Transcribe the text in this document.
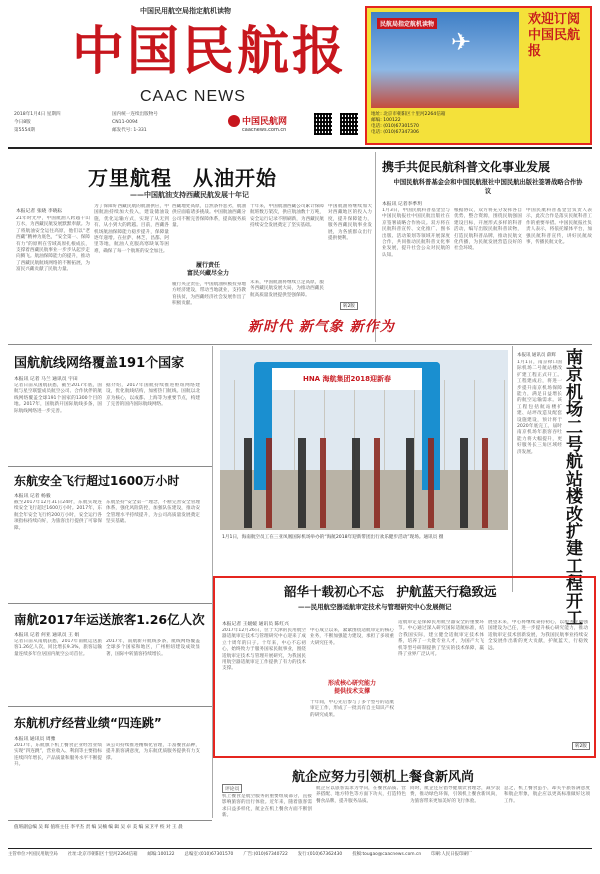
中国民用航空局指定航机读物
中国民航报
CAAC NEWS
2018年1月4日 星期四
今日8版
第5554期
国内统一连续出版物号
CN11-0094
邮发代号: 1-331
中国民航网
caacnews.com.cn
民航局指定航机读物
✈
欢迎订阅中国民航报
地址: 北京市朝阳区十里河2264信箱
邮编: 100122
电话: (010)67301570
电话: (010)67347306
万里航程　从油开始
——中国航油支持西藏民航发展十年记
本报记者 张晓 李晓耘
21年时光中，中国航油人跨越千山万水，为西藏民航发展默默奉献。为了将航油安全运往高原，他们以“老西藏”精神为底色，“安全第一、保障有力”的原则在雪域高原扎根成长，支撑着西藏民航事业一步步从起步走向腾飞。航油保障能力的提升，推动了西藏民航航线网络的不断拓展，为富民兴藏贡献了民航力量。
为了保障好西藏民航的航油供应，中国航油持续加大投入，建设储油设施，优化运输方式，实现了从无到有、从小到大的跨越。目前，西藏各机场航油保障能力稳步提升，保障量逐年递增。在拉萨、林芝、昌都、阿里等地，航油人克服高寒缺氧等困难，确保了每一个航班的安全加注。
履行责任
富民兴藏尽全力
西藏地处高原，自然条件恶劣，航油供应面临诸多挑战。中国航油西藏分公司不断完善保障体系，提高服务质量。
履行央企责任，中国航油积极投身地方经济建设，带动当地就业，支持教育扶贫，为西藏经济社会发展作出了积极贡献。
十年来，中国航油西藏公司累计保障航班数万架次，供应航油数十万吨，安全运行记录不断刷新，为西藏民航持续安全发展奠定了坚实基础。
未来，中国航油将继续立足高原，服务西藏民航发展大局，为推动西藏民航高质量发展提供坚强保障。
中国航油将继续加大对西藏地区的投入力度，提升保障能力，服务西藏民航事业发展，为各族群众出行提供便利。
转2版
携手共促民航科普文化事业发展
中国民航科普基金会和中国民航报社中国民航出版社签署战略合作协议
本报讯 记者李季玥
1月3日，中国民航科普基金会与中国民航报社中国民航出版社在京签署战略合作协议。双方将在民航科普宣传、文化推广、图书出版、活动策划等领域开展深度合作，共同推动民航科普文化事业发展，提升社会公众对民航的认知。
根据协议，双方将充分发挥各自优势，整合资源，围绕民航强国建设目标，开展形式多样的科普活动，编写出版民航科普读物，打造民航科普品牌，推动民航文化传播，为民航发展营造良好的社会环境。
中国民航科普基金会负责人表示，此次合作是落实民航科普工作的重要举措。中国民航报社负责人表示，将依托媒体平台，加强民航科普宣传，讲好民航故事，传播民航文化。
新时代 新气象 新作为
国航航线网络覆盖191个国家
本报讯 记者 马兰 通讯员 宇田
记者日前从国航获悉，截至2017年底，国航与星空联盟成员航空公司、合作伙伴的航线网络覆盖全球191个国家的1300个目的地。2017年，国航新开国际航线多条，国际航线网络进一步完善。
据介绍，2017年国航持续推进枢纽网络建设，优化航线结构，加密热门航线。国航以北京为核心，以成都、上海等为重要节点，构建了完善的国内国际航线网络。
东航安全飞行超过1600万小时
本报讯 记者 杨毅
截至2017年12月31日24时，东航实现连续安全飞行超过1600万小时。2017年，东航全年安全飞行约200万小时，安全运行各项指标持续向好，为旅客出行提供了可靠保障。
东航坚持“安全第一”理念，不断完善安全管理体系，强化风险防控，加强队伍建设，推动安全管理水平持续提升，为公司高质量发展奠定坚实基础。
南航2017年运送旅客1.26亿人次
本报讯 记者 何亚 通讯员 王 娟
记者日前从南航获悉，2017年南航运送旅客1.26亿人次，同比增长9.3%，旅客运输量连续多年位居国内航空公司首位。
2017年，南航新开航线多条，航线网络覆盖全球多个国家和地区，广州枢纽建设成效显著，国际中转旅客持续增长。
东航机疗经营业绩“四连跳”
本报讯 通讯员 周雅
2017年，东航旗下机上餐食企业经营业绩实现“四连跳”，营业收入、利润等主要指标连续四年增长，产品质量和服务水平不断提升。
该公司持续推进精细化管理，丰富餐食品种，提升旅客满意度，为东航优质服务提供有力支撑。
HNA 海航集团2018迎新春
1月1日，海南航空员工在三亚凤凰国际机场举办的“海航2018年迎新带团出行欢乐健步活动”现场。通讯员 摄
本报讯 通讯员 薛辉
1月1日，南京禄口国际机场二号航站楼改扩建工程正式开工。工程建成后，将进一步提升南京机场保障能力，满足日益增长的航空运输需求。该工程包括航站楼扩建、站坪改造及配套设施建设，预计将于2020年底完工，届时南京机场年旅客吞吐能力将大幅提升，更好服务长三角区域经济发展。
南京机场二号航站楼改扩建工程开工
韶华十载初心不忘　护航蓝天行稳致远
——民用航空器适航审定技术与管理研究中心发展侧记
本报记者 王媛媛 通讯员 陈红兴
2017年12月26日，位于天津的民用航空器适航审定技术与管理研究中心迎来了成立十周年的日子。十年来，中心不忘初心，始终致力于服务国家民航事业，围绕适航审定技术与管理开展研究，为我国民用航空器适航审定工作提供了有力的技术支撑。
中心成立以来，紧紧围绕适航审定的核心业务，不断加强能力建设，承担了多项重大研究任务。
形成核心研究能力
提供技术支撑
十年间，中心先后参与了多个型号的适航审定工作，形成了一批具有自主知识产权的研究成果。
适航审定是保障民用航空器安全的重要环节。中心通过深入研究国际适航标准，结合我国实际，建立健全适航审定技术体系，培养了一大批专业人才，为国产大飞机等型号研制提供了坚实的技术保障，赢得了业界广泛认可。
展望未来，中心将继续秉持初心，以服务民航强国建设为己任，进一步提升核心研究能力，推动适航审定技术创新发展，为我国民航事业持续安全发展作出新的更大贡献，护航蓝天，行稳致远。
转2版
航企应努力引领机上餐食新风尚
评论员
机上餐食是航空服务的重要组成部分，直接影响旅客的出行体验。近年来，随着旅客需求日益多样化，航企在机上餐食方面不断创新。
航企应以旅客需求为导向，在餐食品质、营养搭配、地方特色等方面下功夫，打造特色餐食品牌，提升服务品质。
同时，航企还应倡导健康饮食理念，减少浪费，推动绿色环保，引领机上餐食新风尚，为旅客带来更加美好的飞行体验。
总之，机上餐食虽小，却关乎旅客满意度和航企形象，航企应以更高标准做好这项工作。
值班副总编 吴 晖 值班主任 李平杰 责 编 吴楠 编 辑 吴 卓 美 编 宋卫平 校 对 王 晨
主管单位:中国民用航空局 社址:北京市朝阳区十里河2264信箱 邮编:100122 总编室:(010)67301570 广告:(010)67340722 发行:(010)67362430 投稿:tougao@caacnews.com.cn 印刷:人民日报印刷厂
